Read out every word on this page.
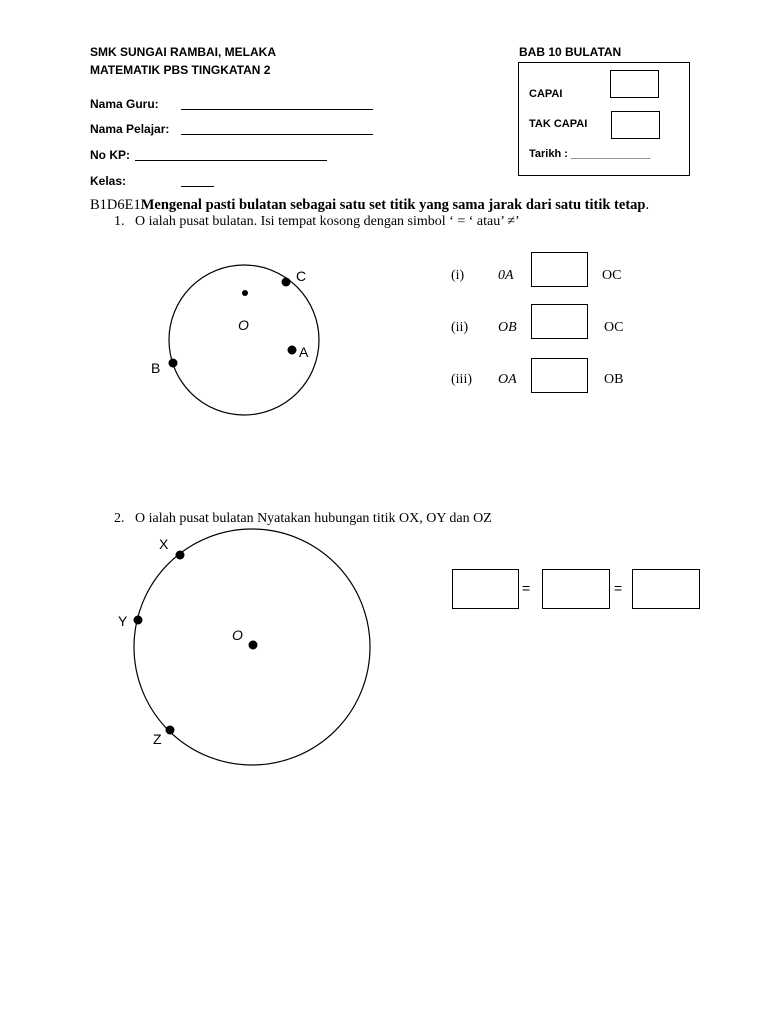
SMK SUNGAI RAMBAI, MELAKA
MATEMATIK PBS TINGKATAN 2
BAB 10 BULATAN
Nama Guru:
Nama Pelajar:
No KP:
Kelas:
CAPAI
TAK CAPAI
Tarikh : _____________
B1D6E1Mengenal pasti bulatan sebagai satu set titik yang sama jarak dari satu titik tetap.
1. O ialah pusat bulatan. Isi tempat kosong dengan simbol ‘ = ‘ atau’ ≠’
C
O
A
B
X
Y
O
Z
(i) 0A	OC
(ii) OB	OC
(iii) OA	OB
2. O ialah pusat bulatan Nyatakan hubungan titik OX, OY dan OZ
=	=
